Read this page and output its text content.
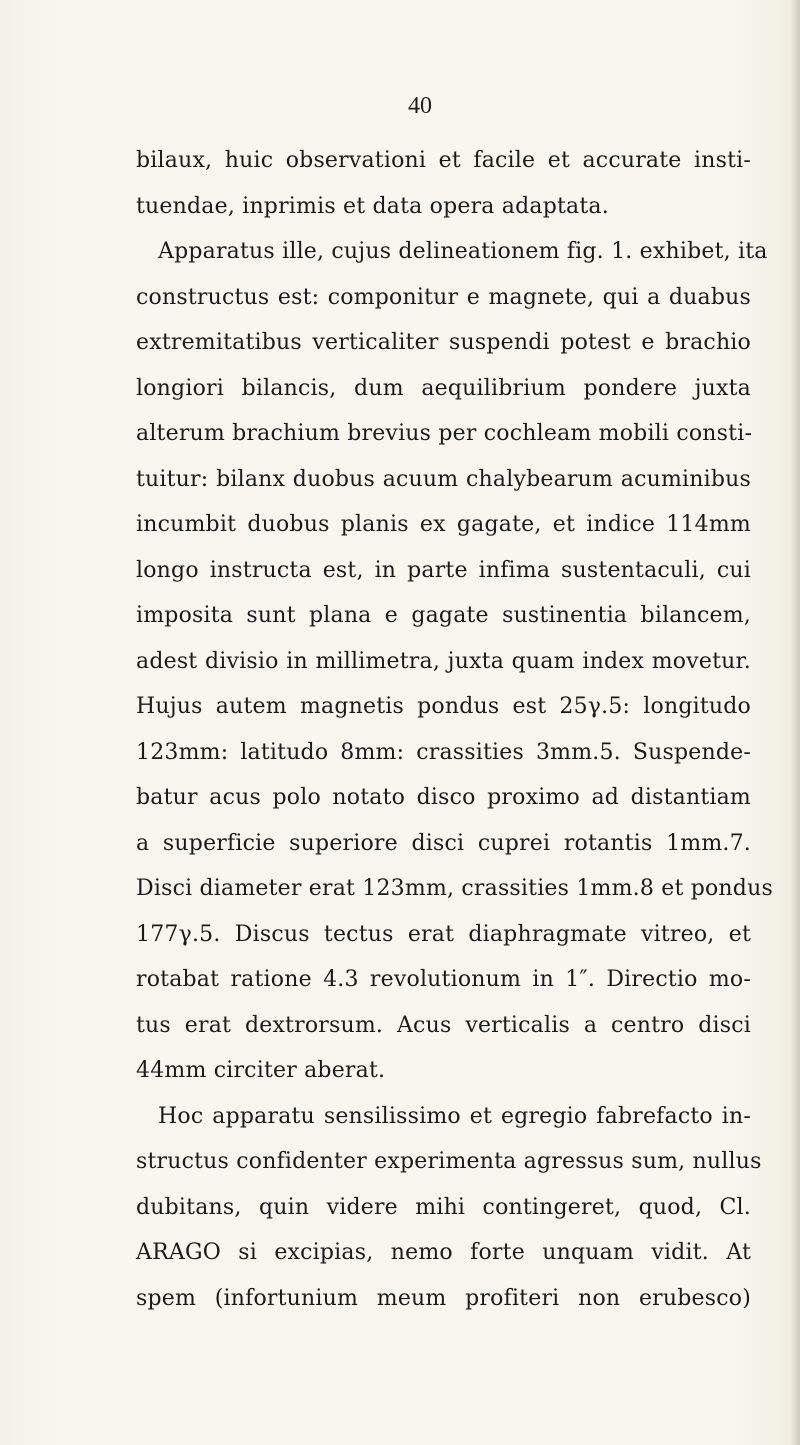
40
bilaux, huic observationi et facile et accurate insti-
tuendae, inprimis et data opera adaptata.
Apparatus ille, cujus delineationem fig. 1. exhibet, ita
constructus est: componitur e magnete, qui a duabus
extremitatibus verticaliter suspendi potest e brachio
longiori bilancis, dum aequilibrium pondere juxta
alterum brachium brevius per cochleam mobili consti-
tuitur: bilanx duobus acuum chalybearum acuminibus
incumbit duobus planis ex gagate, et indice 114mm
longo instructa est, in parte infima sustentaculi, cui
imposita sunt plana e gagate sustinentia bilancem,
adest divisio in millimetra, juxta quam index movetur.
Hujus autem magnetis pondus est 25γ.5: longitudo
123mm: latitudo 8mm: crassities 3mm.5. Suspende-
batur acus polo notato disco proximo ad distantiam
a superficie superiore disci cuprei rotantis 1mm.7.
Disci diameter erat 123mm, crassities 1mm.8 et pondus
177γ.5. Discus tectus erat diaphragmate vitreo, et
rotabat ratione 4.3 revolutionum in 1″. Directio mo-
tus erat dextrorsum. Acus verticalis a centro disci
44mm circiter aberat.
Hoc apparatu sensilissimo et egregio fabrefacto in-
structus confidenter experimenta agressus sum, nullus
dubitans, quin videre mihi contingeret, quod, Cl.
ARAGO si excipias, nemo forte unquam vidit. At
spem (infortunium meum profiteri non erubesco)
